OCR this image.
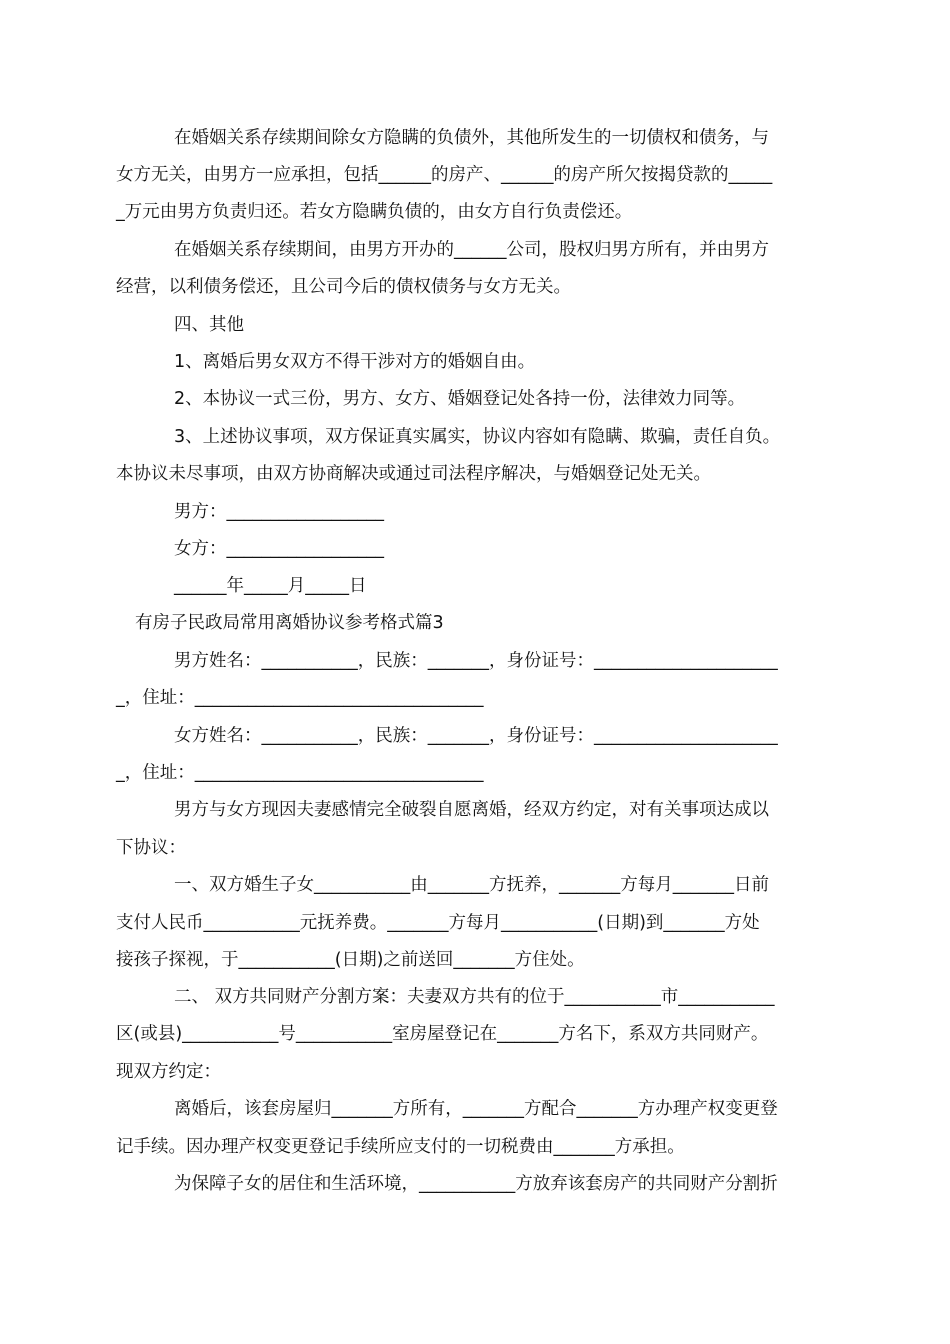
在婚姻关系存续期间除女方隐瞒的负债外，其他所发生的一切债权和债务，与
女方无关，由男方一应承担，包括______的房产、______的房产所欠按揭贷款的_____
_万元由男方负责归还。若女方隐瞒负债的，由女方自行负责偿还。
在婚姻关系存续期间，由男方开办的______公司，股权归男方所有，并由男方
经营，以利债务偿还，且公司今后的债权债务与女方无关。
四、其他
1、离婚后男女双方不得干涉对方的婚姻自由。
2、本协议一式三份，男方、女方、婚姻登记处各持一份，法律效力同等。
3、上述协议事项，双方保证真实属实，协议内容如有隐瞒、欺骗，责任自负。
本协议未尽事项，由双方协商解决或通过司法程序解决，与婚姻登记处无关。
男方：__________________
女方：__________________
______年_____月_____日
有房子民政局常用离婚协议参考格式篇3
男方姓名：___________，民族：_______，身份证号：_____________________
_，住址：_________________________________
女方姓名：___________，民族：_______，身份证号：_____________________
_，住址：_________________________________
男方与女方现因夫妻感情完全破裂自愿离婚，经双方约定，对有关事项达成以
下协议：
一、双方婚生子女___________由_______方抚养，_______方每月_______日前
支付人民币___________元抚养费。_______方每月___________(日期)到_______方处
接孩子探视，于___________(日期)之前送回_______方住处。
二、 双方共同财产分割方案：夫妻双方共有的位于___________市___________
区(或县)___________号___________室房屋登记在_______方名下，系双方共同财产。
现双方约定：
离婚后，该套房屋归_______方所有，_______方配合_______方办理产权变更登
记手续。因办理产权变更登记手续所应支付的一切税费由_______方承担。
为保障子女的居住和生活环境，___________方放弃该套房产的共同财产分割折
